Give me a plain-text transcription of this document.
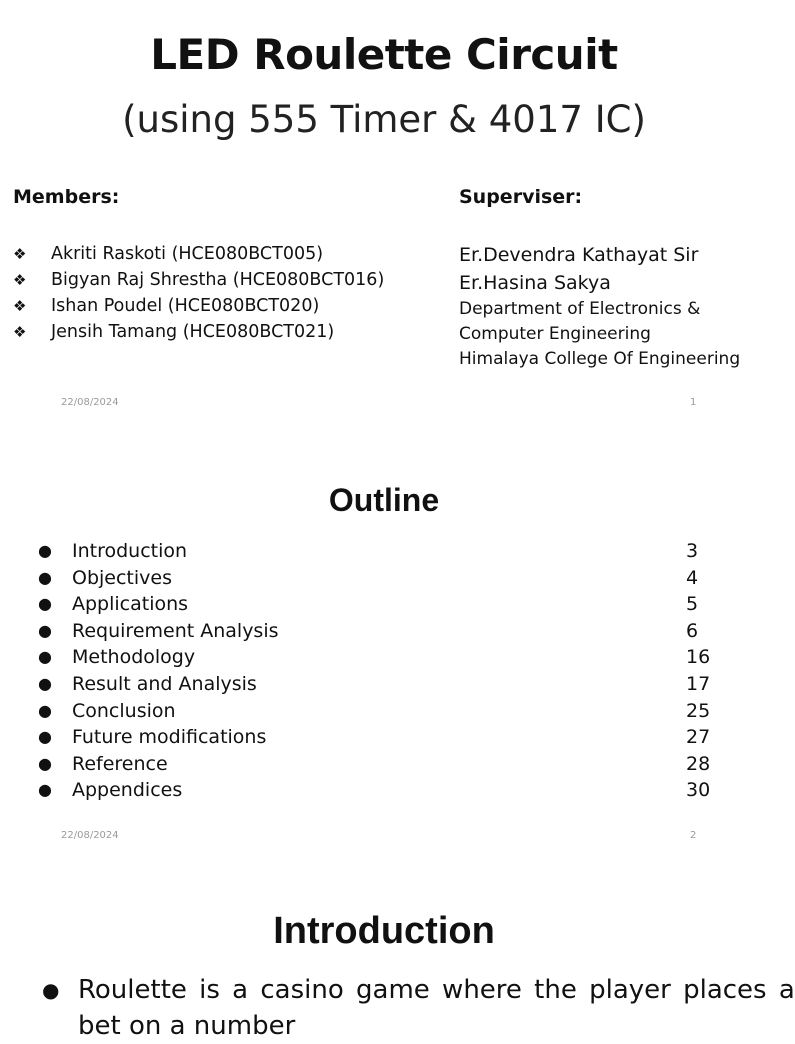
LED Roulette Circuit
(using 555 Timer & 4017 IC)
Members:
❖ Akriti Raskoti (HCE080BCT005)
❖ Bigyan Raj Shrestha (HCE080BCT016)
❖ Ishan Poudel (HCE080BCT020)
❖ Jensih Tamang (HCE080BCT021)
Superviser:
Er.Devendra Kathayat Sir
Er.Hasina Sakya
Department of Electronics &
Computer Engineering
Himalaya College Of Engineering
22/08/2024	1
Outline
● Introduction	3
● Objectives	4
● Applications	5
● Requirement Analysis	6
● Methodology	16
● Result and Analysis	17
● Conclusion	25
● Future modifications	27
● Reference	28
● Appendices	30
22/08/2024	2
Introduction
● Roulette is a casino game where the player places a
bet on a number
